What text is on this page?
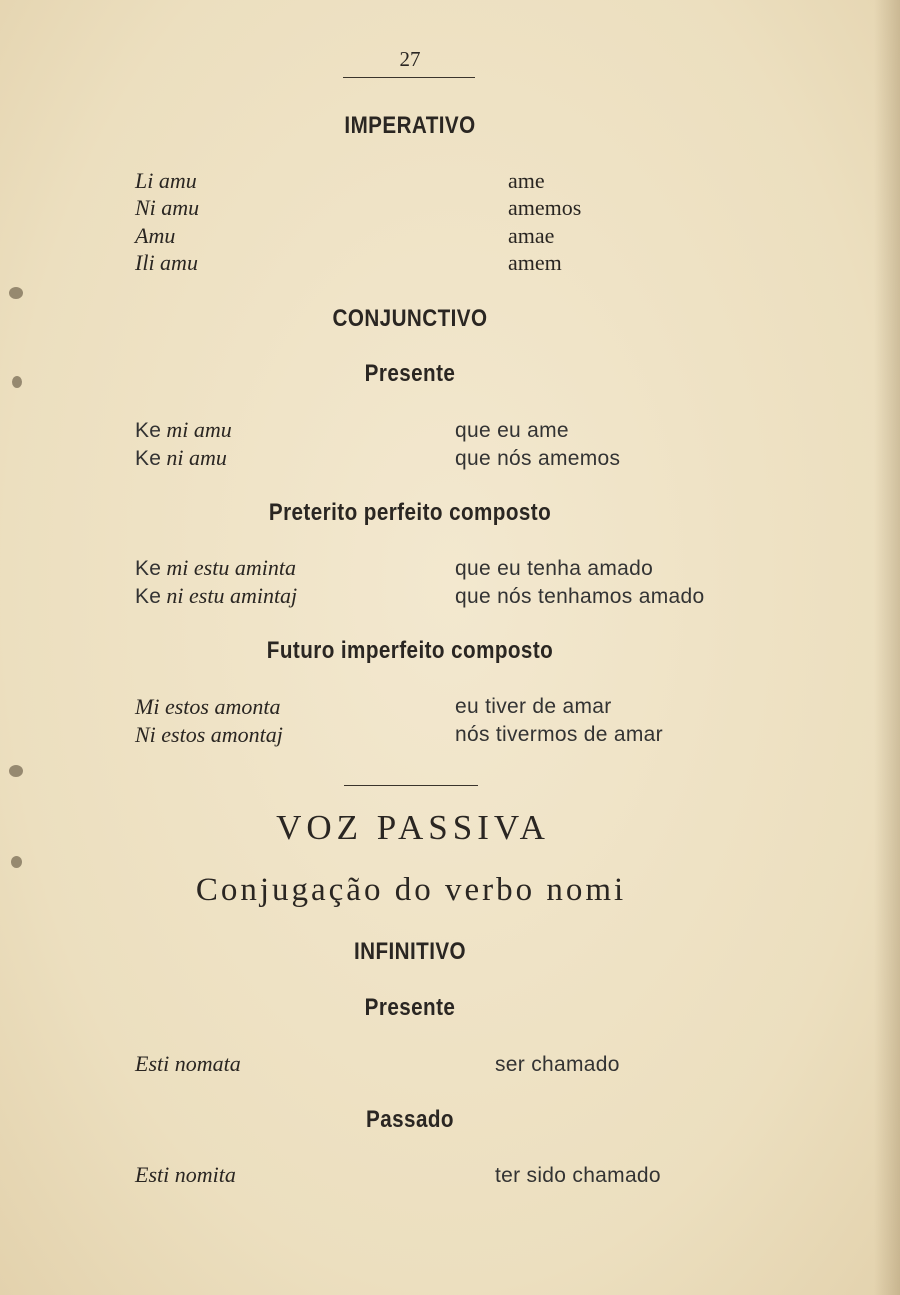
27
IMPERATIVO
Li amu	ame
Ni amu	amemos
Amu	amae
Ili amu	amem
CONJUNCTIVO
Presente
Ke mi amu	que eu ame
Ke ni amu	que nós amemos
Preterito perfeito composto
Ke mi estu aminta	que eu tenha amado
Ke ni estu amintaj	que nós tenhamos amado
Futuro imperfeito composto
Mi estos amonta	eu tiver de amar
Ni estos amontaj	nós tivermos de amar
VOZ PASSIVA
Conjugação do verbo nomi
INFINITIVO
Presente
Esti nomata	ser chamado
Passado
Esti nomita	ter sido chamado
